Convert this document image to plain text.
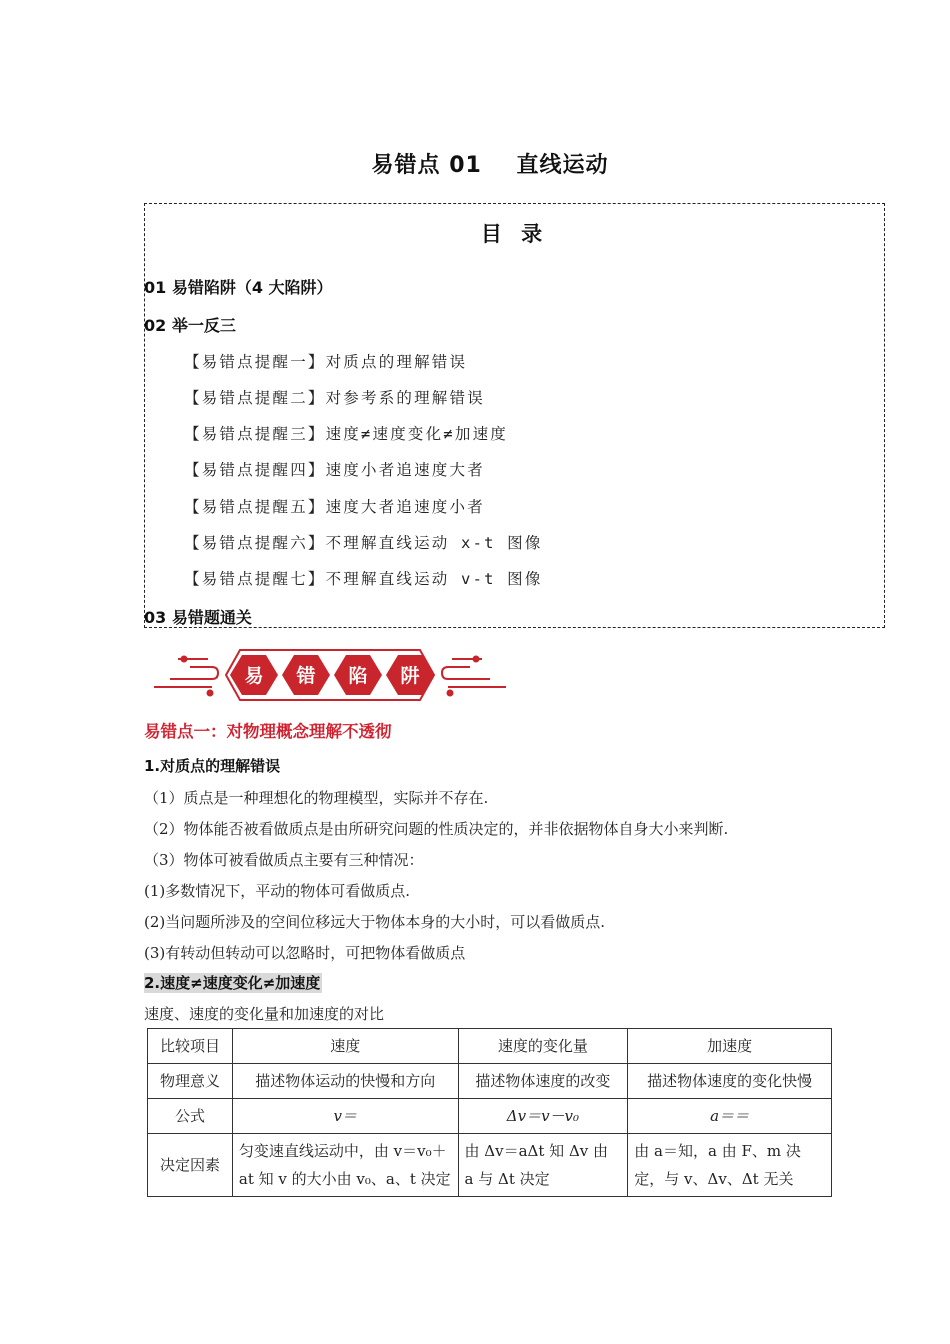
易错点 01    直线运动
目 录
01 易错陷阱（4 大陷阱）
02 举一反三
【易错点提醒一】对质点的理解错误
【易错点提醒二】对参考系的理解错误
【易错点提醒三】速度≠速度变化≠加速度
【易错点提醒四】速度小者追速度大者
【易错点提醒五】速度大者追速度小者
【易错点提醒六】不理解直线运动 x-t 图像
【易错点提醒七】不理解直线运动 v-t 图像
03 易错题通关
易 错 陷 阱
易错点一：对物理概念理解不透彻
1.对质点的理解错误
（1）质点是一种理想化的物理模型，实际并不存在.
（2）物体能否被看做质点是由所研究问题的性质决定的，并非依据物体自身大小来判断.
（3）物体可被看做质点主要有三种情况：
(1)多数情况下，平动的物体可看做质点.
(2)当问题所涉及的空间位移远大于物体本身的大小时，可以看做质点.
(3)有转动但转动可以忽略时，可把物体看做质点
2.速度≠速度变化≠加速度
速度、速度的变化量和加速度的对比
比较项目	速度	速度的变化量	加速度
物理意义	描述物体运动的快慢和方向	描述物体速度的改变	描述物体速度的变化快慢
公式	v＝	Δv＝v－v₀	a＝＝
决定因素	匀变速直线运动中，由 v＝v₀＋at 知 v 的大小由 v₀、a、t 决定	由 Δv＝aΔt 知 Δv 由 a 与 Δt 决定	由 a＝知，a 由 F、m 决定，与 v、Δv、Δt 无关
